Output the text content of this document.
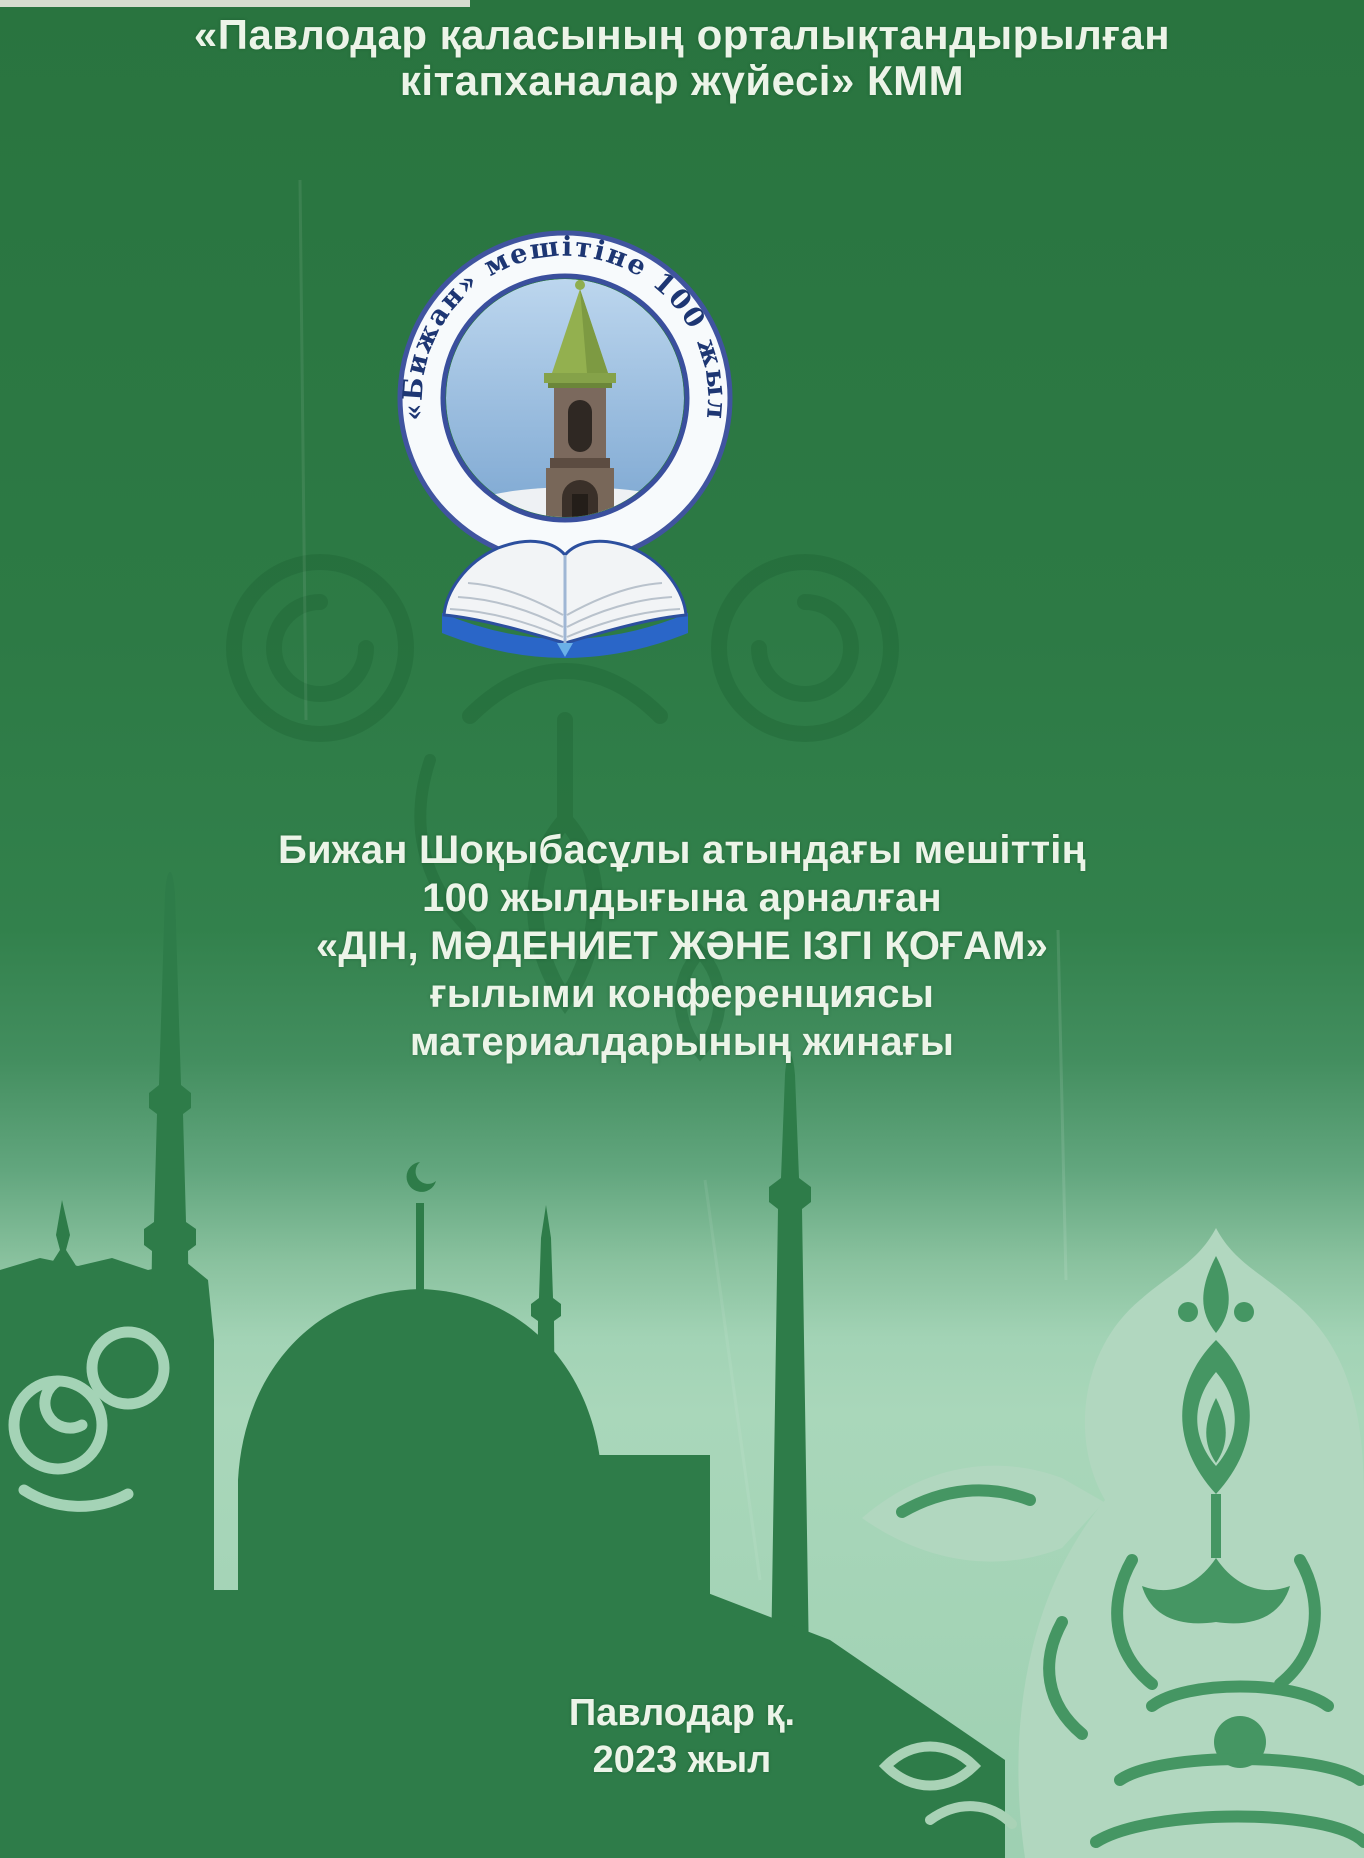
«Павлодар қаласының орталықтандырылған
кітапханалар жүйесі» КММ
«Бижан» мешітіне 100 жыл
Бижан Шоқыбасұлы атындағы мешіттің
100 жылдығына арналған
«ДІН, МӘДЕНИЕТ ЖӘНЕ ІЗГІ ҚОҒАМ»
ғылыми конференциясы
материалдарының жинағы
Павлодар қ.
2023 жыл
